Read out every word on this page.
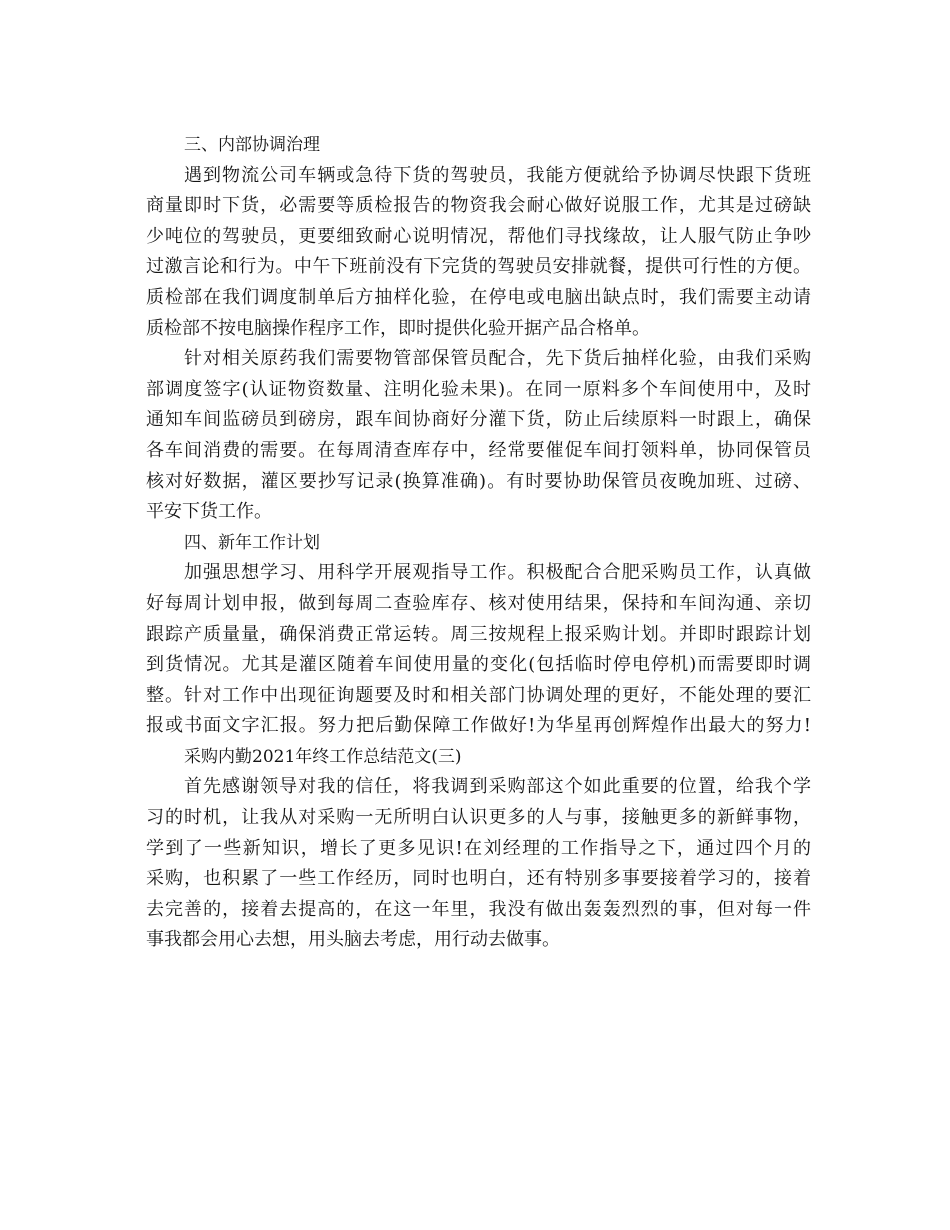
三、内部协调治理
遇到物流公司车辆或急待下货的驾驶员，我能方便就给予协调尽快跟下货班
商量即时下货，必需要等质检报告的物资我会耐心做好说服工作，尤其是过磅缺
少吨位的驾驶员，更要细致耐心说明情况，帮他们寻找缘故，让人服气防止争吵
过激言论和行为。中午下班前没有下完货的驾驶员安排就餐，提供可行性的方便。
质检部在我们调度制单后方抽样化验，在停电或电脑出缺点时，我们需要主动请
质检部不按电脑操作程序工作，即时提供化验开据产品合格单。
针对相关原药我们需要物管部保管员配合，先下货后抽样化验，由我们采购
部调度签字(认证物资数量、注明化验未果)。在同一原料多个车间使用中，及时
通知车间监磅员到磅房，跟车间协商好分灌下货，防止后续原料一时跟上，确保
各车间消费的需要。在每周清查库存中，经常要催促车间打领料单，协同保管员
核对好数据，灌区要抄写记录(换算准确)。有时要协助保管员夜晚加班、过磅、
平安下货工作。
四、新年工作计划
加强思想学习、用科学开展观指导工作。积极配合合肥采购员工作，认真做
好每周计划申报，做到每周二查验库存、核对使用结果，保持和车间沟通、亲切
跟踪产质量量，确保消费正常运转。周三按规程上报采购计划。并即时跟踪计划
到货情况。尤其是灌区随着车间使用量的变化(包括临时停电停机)而需要即时调
整。针对工作中出现征询题要及时和相关部门协调处理的更好，不能处理的要汇
报或书面文字汇报。努力把后勤保障工作做好!为华星再创辉煌作出最大的努力!
采购内勤2021年终工作总结范文(三)
首先感谢领导对我的信任，将我调到采购部这个如此重要的位置，给我个学
习的时机，让我从对采购一无所明白认识更多的人与事，接触更多的新鲜事物，
学到了一些新知识，增长了更多见识!在刘经理的工作指导之下，通过四个月的
采购，也积累了一些工作经历，同时也明白，还有特别多事要接着学习的，接着
去完善的，接着去提高的，在这一年里，我没有做出轰轰烈烈的事，但对每一件
事我都会用心去想，用头脑去考虑，用行动去做事。
